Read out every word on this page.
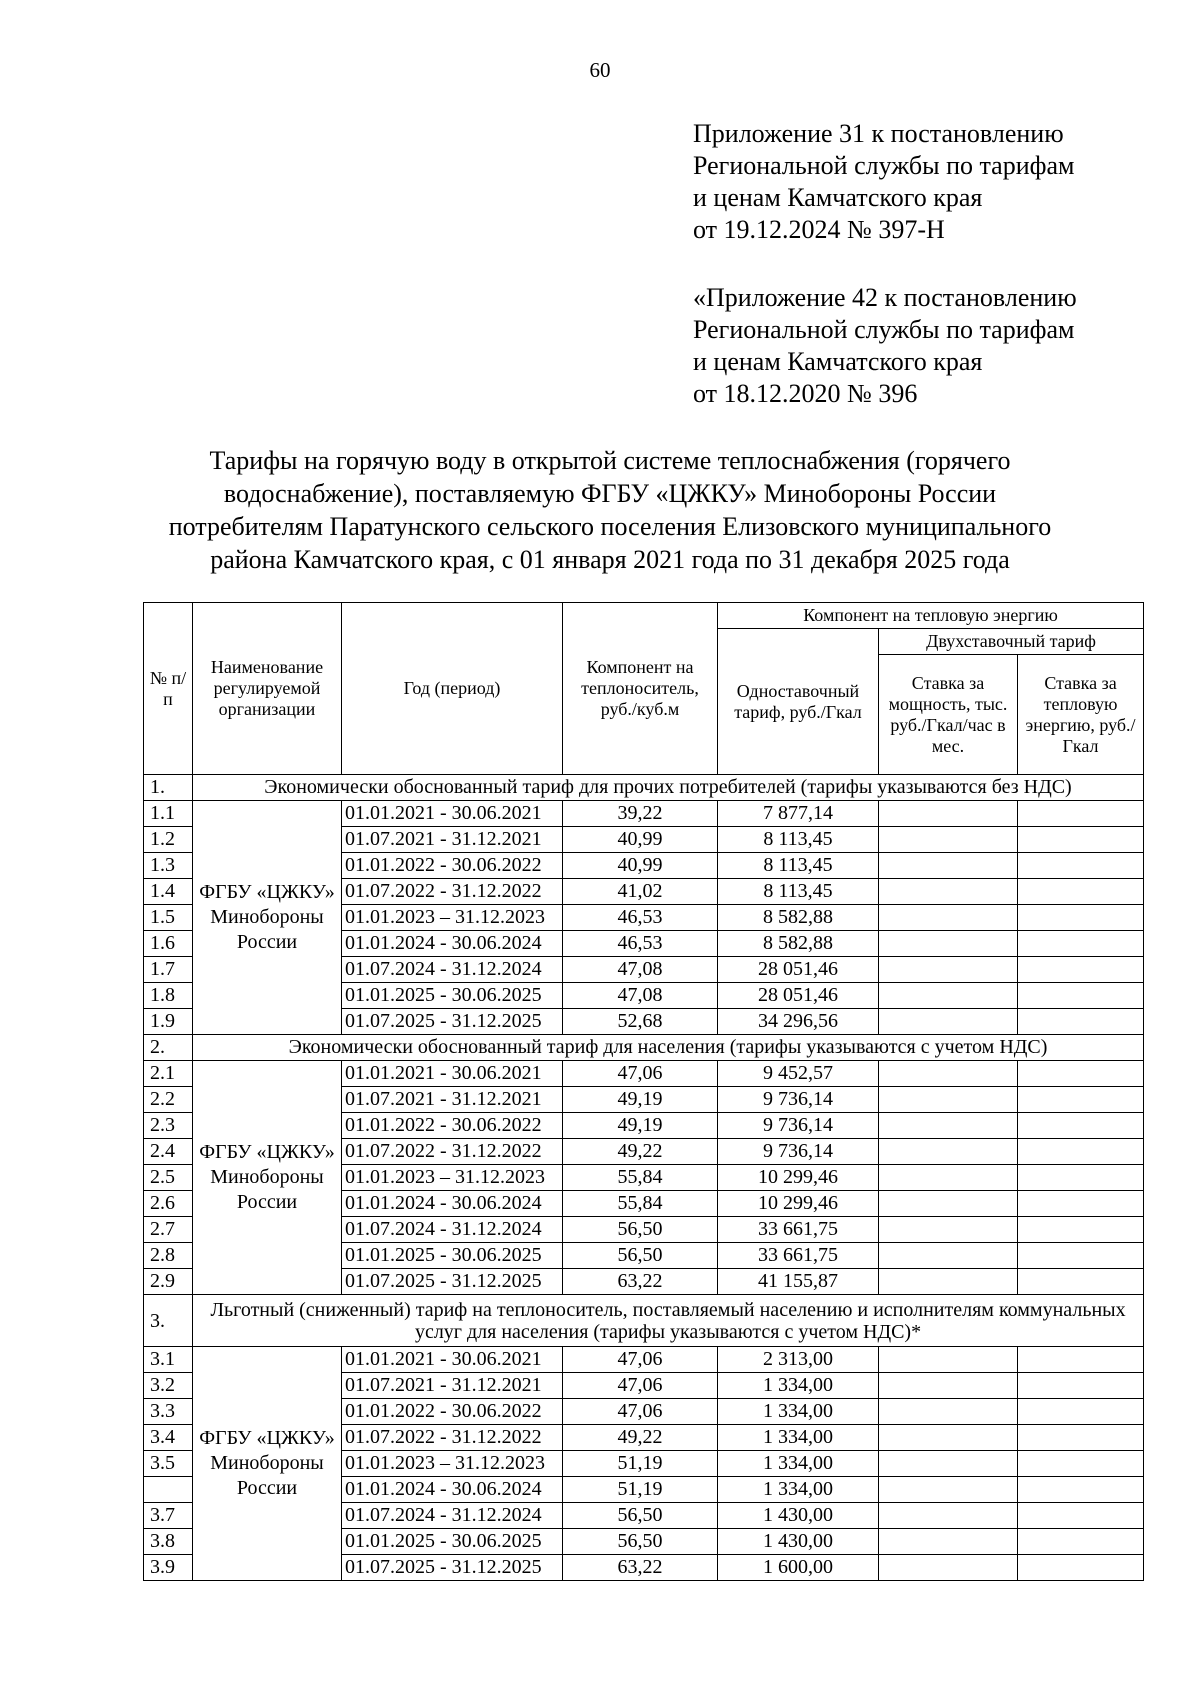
60
Приложение 31 к постановлению
Региональной службы по тарифам
и ценам Камчатского края
от 19.12.2024 № 397-Н
«Приложение 42 к постановлению
Региональной службы по тарифам
и ценам Камчатского края
от 18.12.2020 № 396
Тарифы на горячую воду в открытой системе теплоснабжения (горячего
водоснабжение), поставляемую ФГБУ «ЦЖКУ» Минобороны России
потребителям Паратунского сельского поселения Елизовского муниципального
района Камчатского края, с 01 января 2021 года по 31 декабря 2025 года
№ п/п	Наименование регулируемой организации	Год (период)	Компонент на теплоноситель, руб./куб.м	Компонент на тепловую энергию		
				Одноставочный тариф, руб./Гкал	Двухставочный тариф	
					Ставка за мощность, тыс. руб./Гкал/час в мес.	Ставка за тепловую энергию, руб./Гкал
1.	Экономически обоснованный тариф для прочих потребителей (тарифы указываются без НДС)					
1.1	ФГБУ «ЦЖКУ» Минобороны России	01.01.2021 - 30.06.2021	39,22	7 877,14		
1.2		01.07.2021 - 31.12.2021	40,99	8 113,45		
1.3		01.01.2022 - 30.06.2022	40,99	8 113,45		
1.4		01.07.2022 - 31.12.2022	41,02	8 113,45		
1.5		01.01.2023 – 31.12.2023	46,53	8 582,88		
1.6		01.01.2024 - 30.06.2024	46,53	8 582,88		
1.7		01.07.2024 - 31.12.2024	47,08	28 051,46		
1.8		01.01.2025 - 30.06.2025	47,08	28 051,46		
1.9		01.07.2025 - 31.12.2025	52,68	34 296,56		
2.	Экономически обоснованный тариф для населения (тарифы указываются с учетом НДС)					
2.1	ФГБУ «ЦЖКУ» Минобороны России	01.01.2021 - 30.06.2021	47,06	9 452,57		
2.2		01.07.2021 - 31.12.2021	49,19	9 736,14		
2.3		01.01.2022 - 30.06.2022	49,19	9 736,14		
2.4		01.07.2022 - 31.12.2022	49,22	9 736,14		
2.5		01.01.2023 – 31.12.2023	55,84	10 299,46		
2.6		01.01.2024 - 30.06.2024	55,84	10 299,46		
2.7		01.07.2024 - 31.12.2024	56,50	33 661,75		
2.8		01.01.2025 - 30.06.2025	56,50	33 661,75		
2.9		01.07.2025 - 31.12.2025	63,22	41 155,87		
3.	Льготный (сниженный) тариф на теплоноситель, поставляемый населению и исполнителям коммунальных услуг для населения (тарифы указываются с учетом НДС)*					
3.1	ФГБУ «ЦЖКУ» Минобороны России	01.01.2021 - 30.06.2021	47,06	2 313,00		
3.2		01.07.2021 - 31.12.2021	47,06	1 334,00		
3.3		01.01.2022 - 30.06.2022	47,06	1 334,00		
3.4		01.07.2022 - 31.12.2022	49,22	1 334,00		
3.5		01.01.2023 – 31.12.2023	51,19	1 334,00		
		01.01.2024 - 30.06.2024	51,19	1 334,00		
3.7		01.07.2024 - 31.12.2024	56,50	1 430,00		
3.8		01.01.2025 - 30.06.2025	56,50	1 430,00		
3.9		01.07.2025 - 31.12.2025	63,22	1 600,00		
